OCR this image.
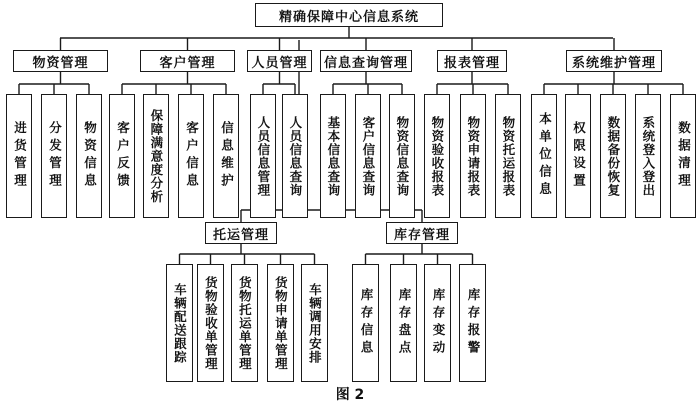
精确保障中心信息系统
图 2
物资管理
进货管理 分发管理 物资信息
客户管理
客户反馈 保障满意度分析 客户信息 信息维护
人员管理
人员信息管理 人员信息查询
信息查询管理
基本信息查询 客户信息查询 物资信息查询
报表管理
物资验收报表 物资申请报表 物资托运报表
系统维护管理
本单位信息 权限设置 数据备份恢复 系统登入登出 数据清理
托运管理
车辆配送跟踪 货物验收单管理 货物托运单管理 货物申请单管理 车辆调用安排
库存管理
库存信息 库存盘点 库存变动 库存报警
